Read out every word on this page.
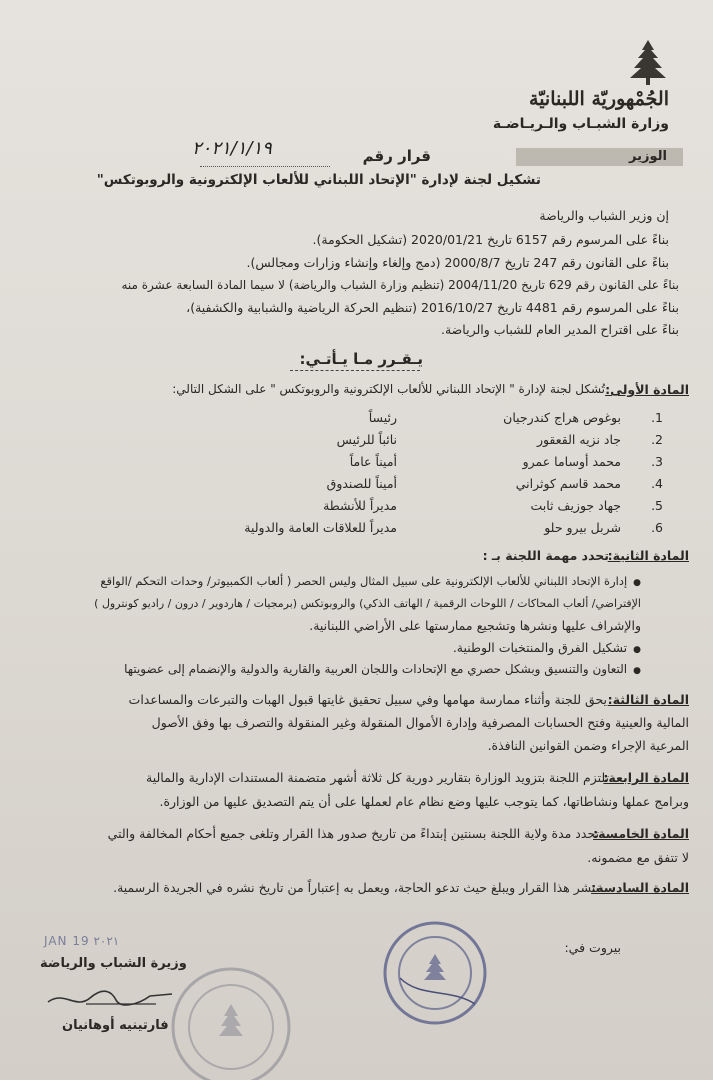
الجُمْهوريّة اللبنانيّة
وزارة الشبـاب والـريـاضـة
الوزير
قرار رقم
٢٠٢١/١/١٩
تشكيل لجنة لإدارة "الإتحاد اللبناني للألعاب الإلكترونية والروبوتكس"
إن وزير الشباب والرياضة
بناءً على المرسوم رقم 6157 تاريخ 2020/01/21 (تشكيل الحكومة).
بناءً على القانون رقم 247 تاريخ 2000/8/7 (دمج وإلغاء وإنشاء وزارات ومجالس).
بناءً على القانون رقم 629 تاريخ 2004/11/20 (تنظيم وزارة الشباب والرياضة) لا سيما المادة السابعة عشرة منه
بناءً على المرسوم رقم 4481 تاريخ 2016/10/27 (تنظيم الحركة الرياضية والشبابية والكشفية)،
بناءً على اقتراح المدير العام للشباب والرياضة.
يـقـرر مـا يـأتـي:
المادة الأولى:
تُشكل لجنة لإدارة " الإتحاد اللبناني للألعاب الإلكترونية والروبوتكس " على الشكل التالي:
1.
بوغوص هراج كندرجيان
رئيساً
2.
جاد نزيه القعقور
نائباً للرئيس
3.
محمد أوساما عمرو
أميناً عاماً
4.
محمد قاسم كوثراني
أميناً للصندوق
5.
جهاد جوزيف ثابت
مديراً للأنشطة
6.
شربل بيرو حلو
مديراً للعلاقات العامة والدولية
المادة الثانية:
تحدد مهمة اللجنة بـ :
● إدارة الإتحاد اللبناني للألعاب الإلكترونية على سبيل المثال وليس الحصر ( ألعاب الكمبيوتر/ وحدات التحكم /الواقع
الإفتراضي/ ألعاب المحاكات / اللوحات الرقمية / الهاتف الذكي) والروبوتكس (برمجيات / هاردوير / درون / راديو كونترول )
والإشراف عليها ونشرها وتشجيع ممارستها على الأراضي اللبنانية.
● تشكيل الفرق والمنتخبات الوطنية.
● التعاون والتنسيق وبشكل حصري مع الإتحادات واللجان العربية والقارية والدولية والإنضمام إلى عضويتها
المادة الثالثة:
يحق للجنة وأثناء ممارسة مهامها وفي سبيل تحقيق غايتها قبول الهبات والتبرعات والمساعدات
المالية والعينية وفتح الحسابات المصرفية وإدارة الأموال المنقولة وغير المنقولة والتصرف بها وفق الأصول
المرعية الإجراء وضمن القوانين النافذة.
المادة الرابعة:
تلتزم اللجنة بتزويد الوزارة بتقارير دورية كل ثلاثة أشهر متضمنة المستندات الإدارية والمالية
وبرامج عملها ونشاطاتها، كما يتوجب عليها وضع نظام عام لعملها على أن يتم التصديق عليها من الوزارة.
المادة الخامسة:
تحدد مدة ولاية اللجنة بسنتين إبتداءً من تاريخ صدور هذا القرار وتلغى جميع أحكام المخالفة والتي
لا تتفق مع مضمونه.
المادة السادسة:
ينشر هذا القرار ويبلغ حيث تدعو الحاجة، ويعمل به إعتباراً من تاريخ نشره في الجريدة الرسمية.
بيروت في:
٢٠٢١ JAN 19
وزيرة الشباب والرياضة
فارتينيه أوهانيان
